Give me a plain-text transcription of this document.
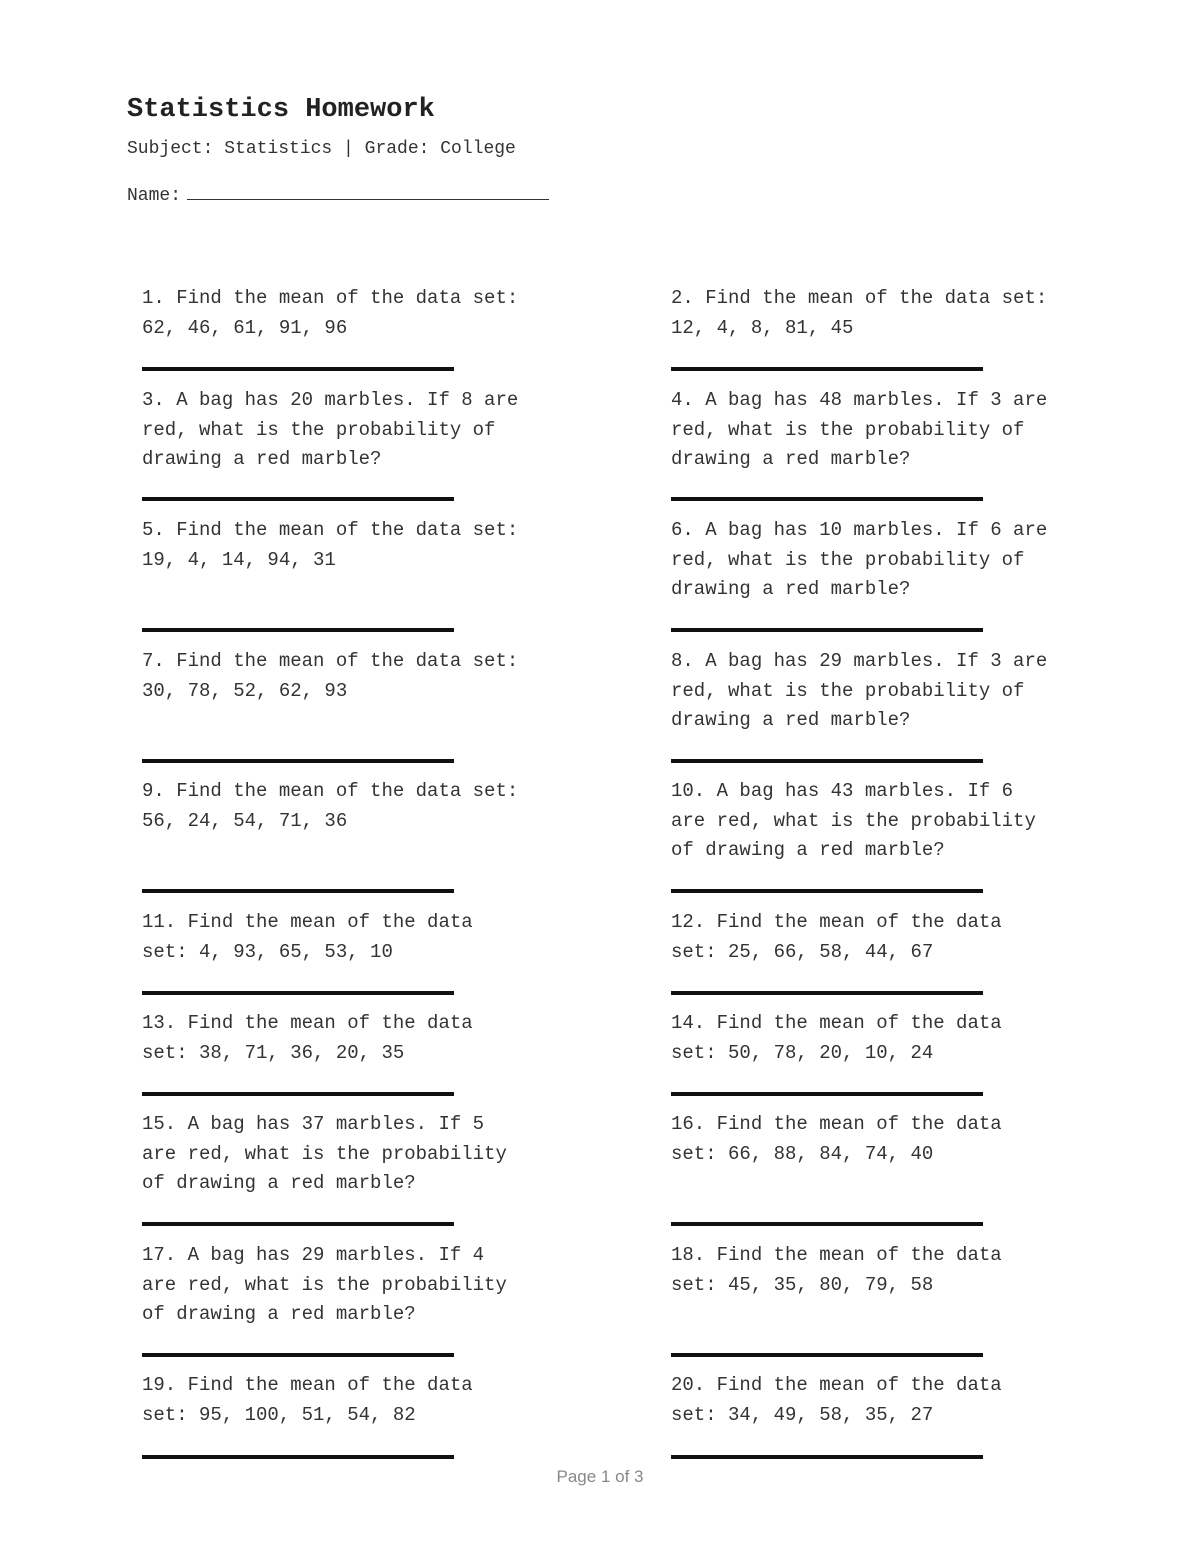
Statistics Homework
Subject: Statistics | Grade: College
Name:

1. Find the mean of the data set:
62, 46, 61, 91, 96

2. Find the mean of the data set:
12, 4, 8, 81, 45

3. A bag has 20 marbles. If 8 are
red, what is the probability of
drawing a red marble?

4. A bag has 48 marbles. If 3 are
red, what is the probability of
drawing a red marble?

5. Find the mean of the data set:
19, 4, 14, 94, 31

6. A bag has 10 marbles. If 6 are
red, what is the probability of
drawing a red marble?

7. Find the mean of the data set:
30, 78, 52, 62, 93

8. A bag has 29 marbles. If 3 are
red, what is the probability of
drawing a red marble?

9. Find the mean of the data set:
56, 24, 54, 71, 36

10. A bag has 43 marbles. If 6
are red, what is the probability
of drawing a red marble?

11. Find the mean of the data
set: 4, 93, 65, 53, 10

12. Find the mean of the data
set: 25, 66, 58, 44, 67

13. Find the mean of the data
set: 38, 71, 36, 20, 35

14. Find the mean of the data
set: 50, 78, 20, 10, 24

15. A bag has 37 marbles. If 5
are red, what is the probability
of drawing a red marble?

16. Find the mean of the data
set: 66, 88, 84, 74, 40

17. A bag has 29 marbles. If 4
are red, what is the probability
of drawing a red marble?

18. Find the mean of the data
set: 45, 35, 80, 79, 58

19. Find the mean of the data
set: 95, 100, 51, 54, 82

20. Find the mean of the data
set: 34, 49, 58, 35, 27

Page 1 of 3
